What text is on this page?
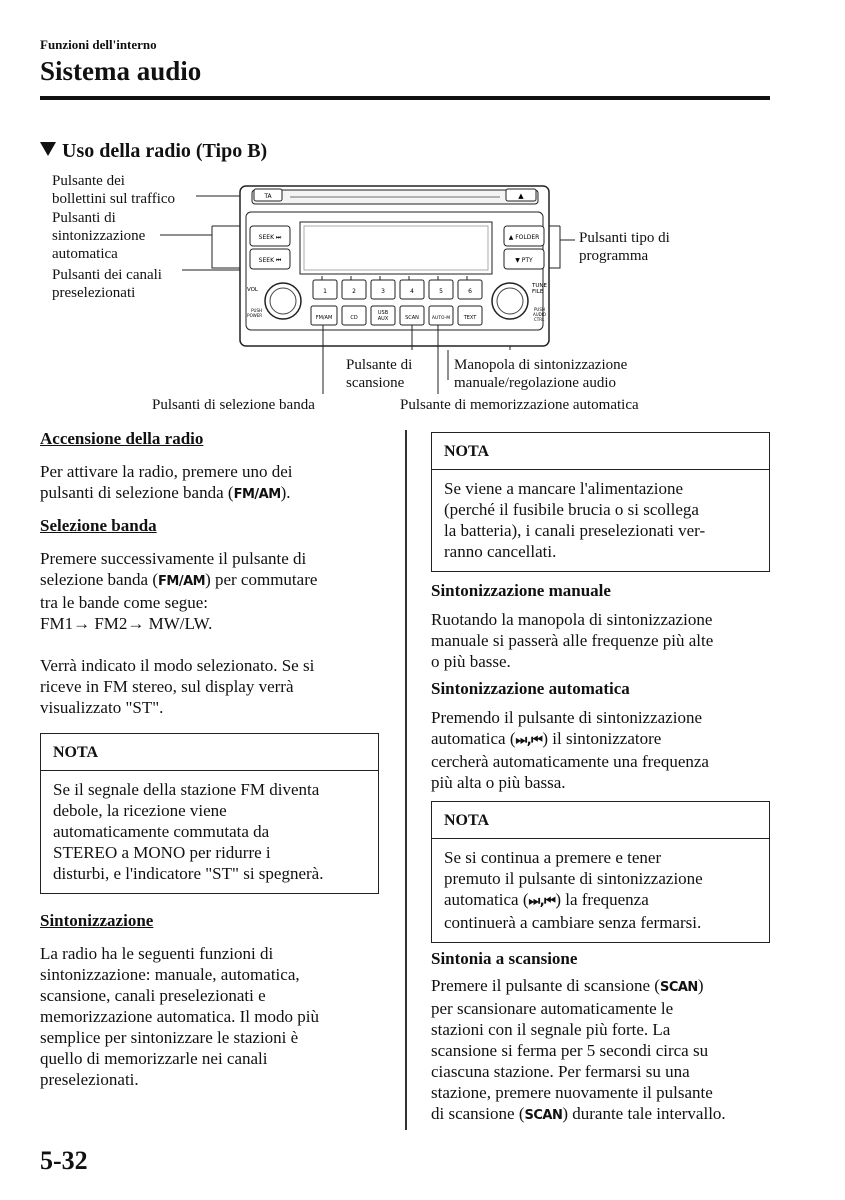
Funzioni dell'interno
Sistema audio
Uso della radio (Tipo B)
Pulsante dei
bollettini sul traffico
Pulsanti di
sintonizzazione
automatica
Pulsanti dei canali
preselezionati
Pulsanti tipo di
programma
Pulsante di
scansione
Manopola di sintonizzazione
manuale/regolazione audio
Pulsanti di selezione banda	Pulsante di memorizzazione automatica
TA	▲
SEEK ⏭
SEEK ⏮
▲ FOLDER
▼ PTY
VOL
PUSH
POWER
TUNE
FILE
PUSH
AUDIO
CTRL
1	2	3	4	5	6
FM/AM	CD
USB
AUX	SCAN	AUTO-M	TEXT
Accensione della radio

Per attivare la radio, premere uno dei
pulsanti di selezione banda (FM/AM).

Selezione banda

Premere successivamente il pulsante di
selezione banda (FM/AM) per commutare
tra le bande come segue:
FM1→ FM2→ MW/LW.

Verrà indicato il modo selezionato. Se si
riceve in FM stereo, sul display verrà
visualizzato "ST".

NOTA
Se il segnale della stazione FM diventa
debole, la ricezione viene
automaticamente commutata da
STEREO a MONO per ridurre i
disturbi, e l'indicatore "ST" si spegnerà.
Sintonizzazione

La radio ha le seguenti funzioni di
sintonizzazione: manuale, automatica,
scansione, canali preselezionati e
memorizzazione automatica. Il modo più
semplice per sintonizzare le stazioni è
quello di memorizzarle nei canali
preselezionati.

NOTA
Se viene a mancare l'alimentazione
(perché il fusibile brucia o si scollega
la batteria), i canali preselezionati ver-
ranno cancellati.
Sintonizzazione manuale

Ruotando la manopola di sintonizzazione
manuale si passerà alle frequenze più alte
o più basse.

Sintonizzazione automatica

Premendo il pulsante di sintonizzazione
automatica (⏭,⏮) il sintonizzatore
cercherà automaticamente una frequenza
più alta o più bassa.

NOTA
Se si continua a premere e tener
premuto il pulsante di sintonizzazione
automatica (⏭,⏮) la frequenza
continuerà a cambiare senza fermarsi.
Sintonia a scansione

Premere il pulsante di scansione (SCAN)
per scansionare automaticamente le
stazioni con il segnale più forte. La
scansione si ferma per 5 secondi circa su
ciascuna stazione. Per fermarsi su una
stazione, premere nuovamente il pulsante
di scansione (SCAN) durante tale intervallo.

5-32
